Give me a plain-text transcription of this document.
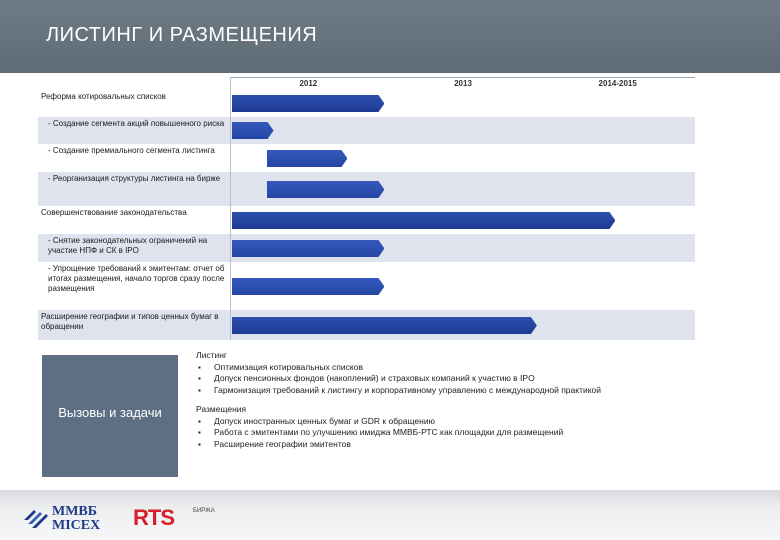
ЛИСТИНГ И РАЗМЕЩЕНИЯ
2012	2013	2014-2015
Реформа котировальных списков
- Создание сегмента акций повышенного риска
- Создание премиального сегмента листинга
- Реорганизация структуры листинга на бирже
Совершенствование законодательства
- Снятие законодательных ограничений на участие НПФ и СК в IPO
- Упрощение требований к эмитентам: отчет об итогах размещения, начало торгов сразу после размещения
Расширение географии и типов ценных бумаг в обращении
Вызовы и задачи
Листинг
▪ Оптимизация котировальных списков
▪ Допуск пенсионных фондов (накоплений) и страховых компаний к участию в IPO
▪ Гармонизация требований к листингу и корпоративному управлению с международной практикой
Размещения
▪ Допуск иностранных ценных бумаг и GDR к обращению
▪ Работа с эмитентами по улучшению имиджа ММВБ-РТС как площадки для размещений
▪ Расширение географии эмитентов
ММВБ
MICEX RTS	БИРЖА
